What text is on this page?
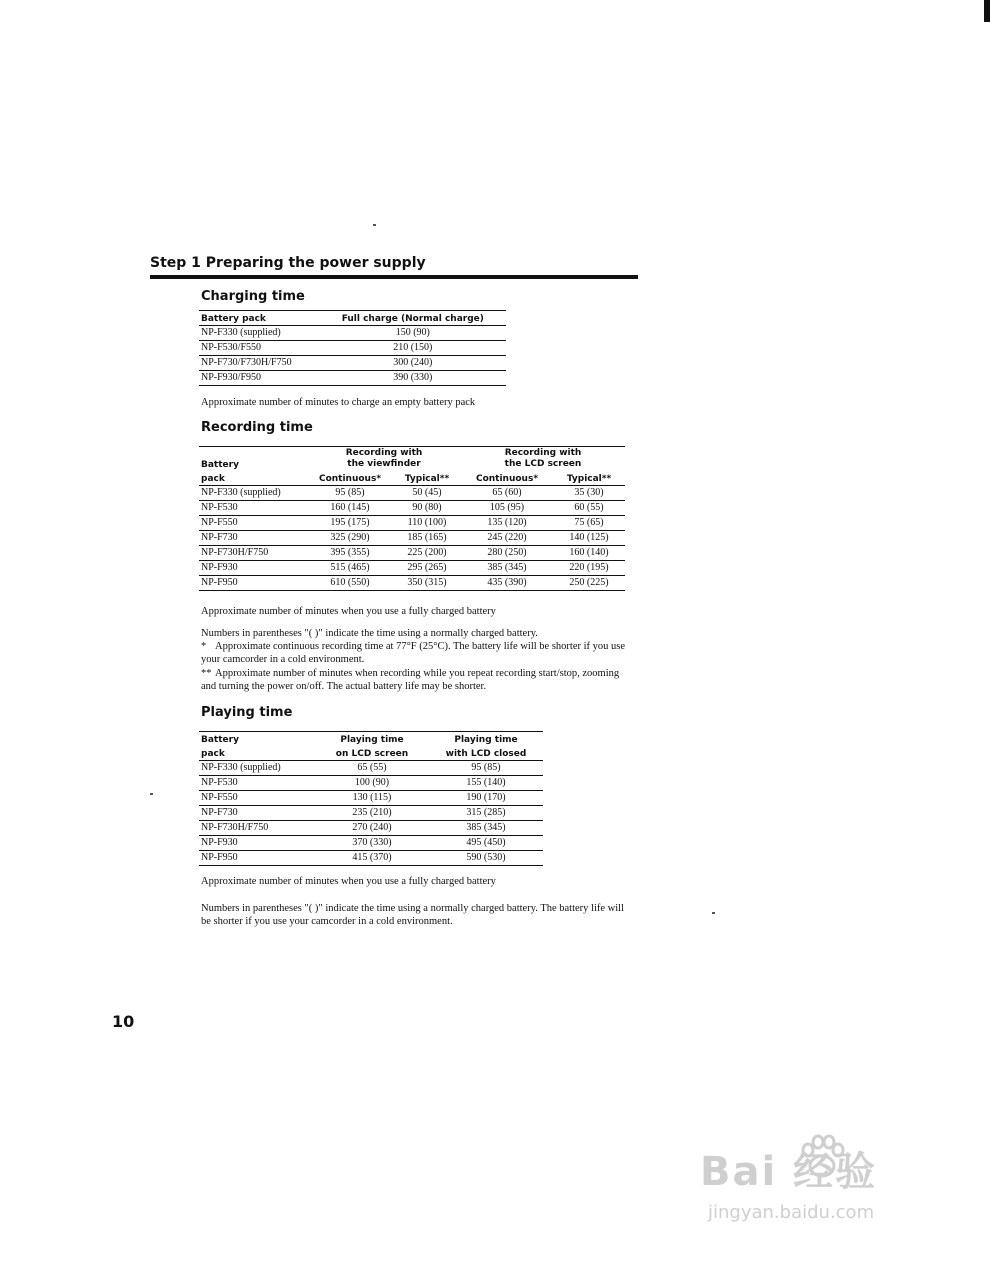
Step 1 Preparing the power supply
Charging time
Battery pack	Full charge (Normal charge)
NP-F330 (supplied)	150 (90)
NP-F530/F550	210 (150)
NP-F730/F730H/F750	300 (240)
NP-F930/F950	390 (330)
Approximate number of minutes to charge an empty battery pack
Recording time
Battery	Recording with the viewfinder		Recording with the LCD screen	
pack	Continuous*	Typical**	Continuous*	Typical**
NP-F330 (supplied)	95 (85)	50 (45)	65 (60)	35 (30)
NP-F530	160 (145)	90 (80)	105 (95)	60 (55)
NP-F550	195 (175)	110 (100)	135 (120)	75 (65)
NP-F730	325 (290)	185 (165)	245 (220)	140 (125)
NP-F730H/F750	395 (355)	225 (200)	280 (250)	160 (140)
NP-F930	515 (465)	295 (265)	385 (345)	220 (195)
NP-F950	610 (550)	350 (315)	435 (390)	250 (225)
Approximate number of minutes when you use a fully charged battery
Numbers in parentheses "( )" indicate the time using a normally charged battery.
* Approximate continuous recording time at 77°F (25°C). The battery life will be shorter if you use your camcorder in a cold environment.
** Approximate number of minutes when recording while you repeat recording start/stop, zooming and turning the power on/off. The actual battery life may be shorter.
Playing time
Battery	Playing time	Playing time
pack	on LCD screen	with LCD closed
NP-F330 (supplied)	65 (55)	95 (85)
NP-F530	100 (90)	155 (140)
NP-F550	130 (115)	190 (170)
NP-F730	235 (210)	315 (285)
NP-F730H/F750	270 (240)	385 (345)
NP-F930	370 (330)	495 (450)
NP-F950	415 (370)	590 (530)
Approximate number of minutes when you use a fully charged battery
Numbers in parentheses "( )" indicate the time using a normally charged battery. The battery life will be shorter if you use your camcorder in a cold environment.
10
Bai 经验
jingyan.baidu.com
